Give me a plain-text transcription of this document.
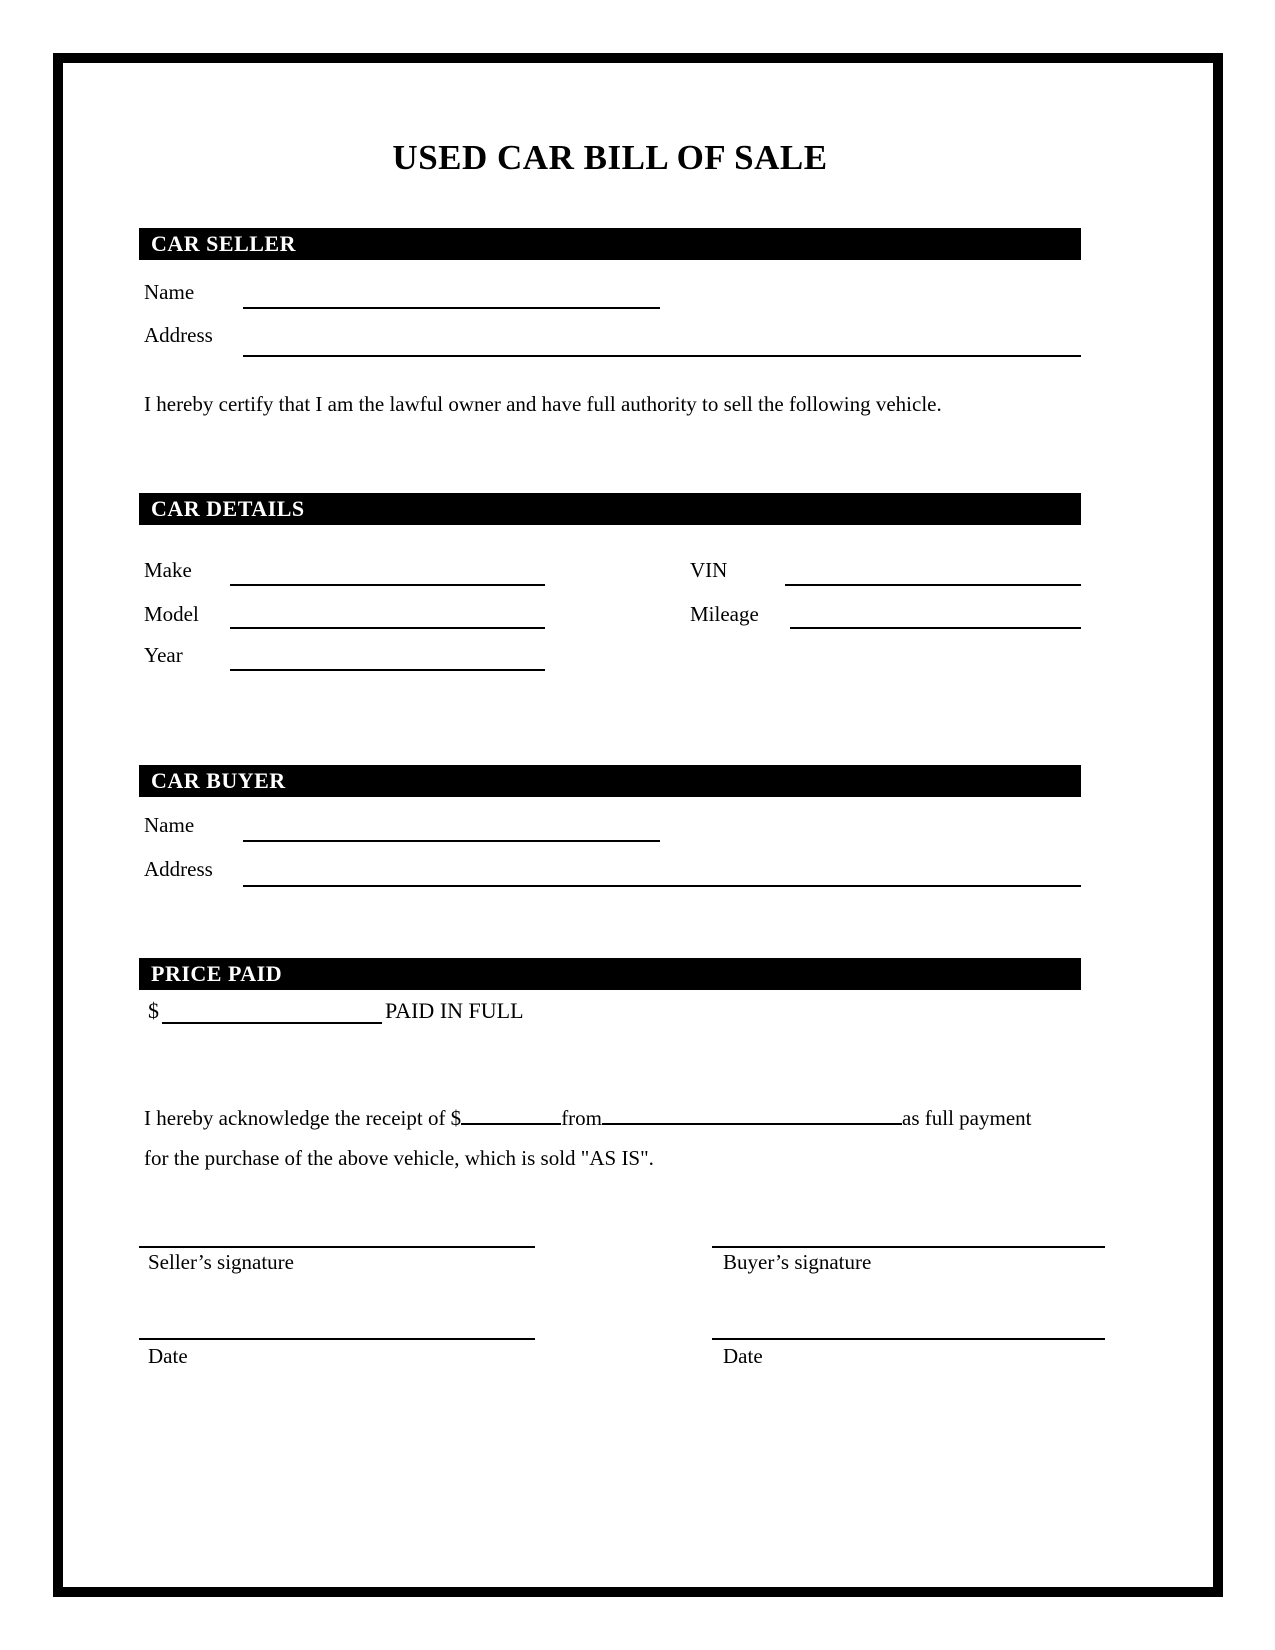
USED CAR BILL OF SALE
CAR SELLER
Name
Address
I hereby certify that I am the lawful owner and have full authority to sell the following vehicle.
CAR DETAILS
Make	VIN
Model	Mileage
Year
CAR BUYER
Name
Address
PRICE PAID
$	PAID IN FULL
I hereby acknowledge the receipt of $	from	as full payment for the purchase of the above vehicle, which is sold "AS IS".
Seller’s signature	Buyer’s signature
Date	Date
